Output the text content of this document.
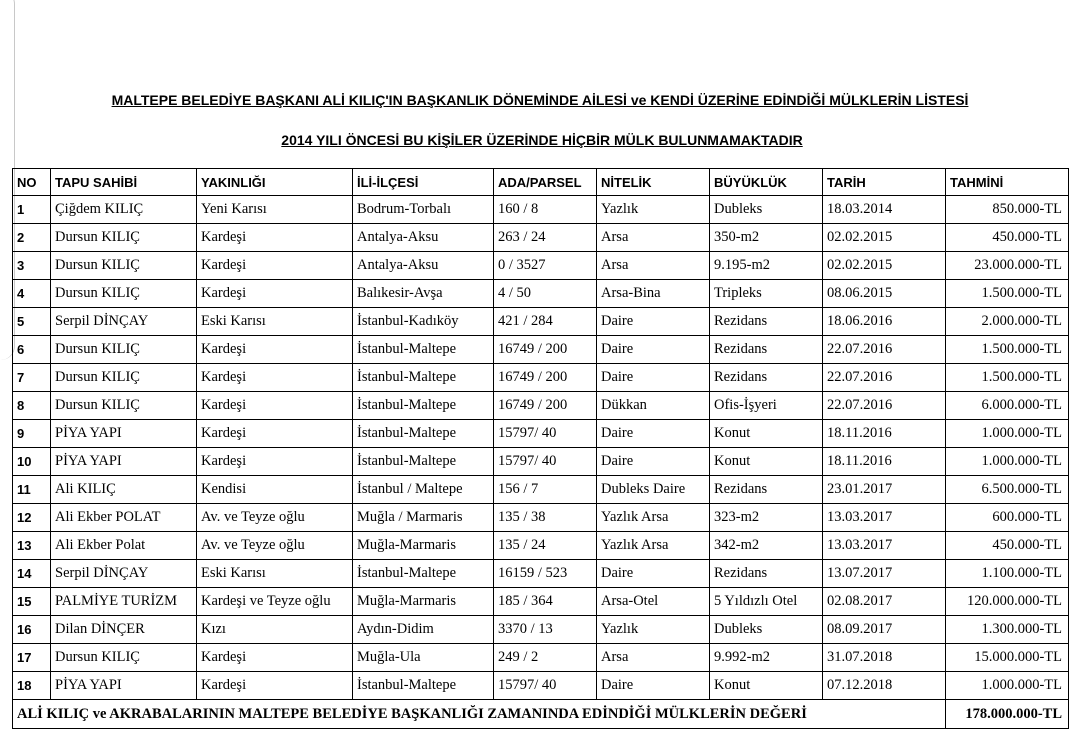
MALTEPE BELEDİYE BAŞKANI ALİ KILIÇ'IN BAŞKANLIK DÖNEMİNDE AİLESİ ve KENDİ ÜZERİNE EDİNDİĞİ MÜLKLERİN LİSTESİ
2014 YILI ÖNCESİ BU KİŞİLER ÜZERİNDE HİÇBİR MÜLK BULUNMAMAKTADIR
NO	TAPU SAHİBİ	YAKINLIĞI	İLİ-İLÇESİ	ADA/PARSEL	NİTELİK	BÜYÜKLÜK	TARİH	TAHMİNİ
1	Çiğdem KILIÇ	Yeni Karısı	Bodrum-Torbalı	160 / 8	Yazlık	Dubleks	18.03.2014	850.000-TL
2	Dursun KILIÇ	Kardeşi	Antalya-Aksu	263 / 24	Arsa	350-m2	02.02.2015	450.000-TL
3	Dursun KILIÇ	Kardeşi	Antalya-Aksu	0 / 3527	Arsa	9.195-m2	02.02.2015	23.000.000-TL
4	Dursun KILIÇ	Kardeşi	Balıkesir-Avşa	4 / 50	Arsa-Bina	Tripleks	08.06.2015	1.500.000-TL
5	Serpil DİNÇAY	Eski Karısı	İstanbul-Kadıköy	421 / 284	Daire	Rezidans	18.06.2016	2.000.000-TL
6	Dursun KILIÇ	Kardeşi	İstanbul-Maltepe	16749 / 200	Daire	Rezidans	22.07.2016	1.500.000-TL
7	Dursun KILIÇ	Kardeşi	İstanbul-Maltepe	16749 / 200	Daire	Rezidans	22.07.2016	1.500.000-TL
8	Dursun KILIÇ	Kardeşi	İstanbul-Maltepe	16749 / 200	Dükkan	Ofis-İşyeri	22.07.2016	6.000.000-TL
9	PİYA YAPI	Kardeşi	İstanbul-Maltepe	15797/ 40	Daire	Konut	18.11.2016	1.000.000-TL
10	PİYA YAPI	Kardeşi	İstanbul-Maltepe	15797/ 40	Daire	Konut	18.11.2016	1.000.000-TL
11	Ali KILIÇ	Kendisi	İstanbul / Maltepe	156 / 7	Dubleks Daire	Rezidans	23.01.2017	6.500.000-TL
12	Ali Ekber POLAT	Av. ve Teyze oğlu	Muğla / Marmaris	135 / 38	Yazlık Arsa	323-m2	13.03.2017	600.000-TL
13	Ali Ekber Polat	Av. ve Teyze oğlu	Muğla-Marmaris	135 / 24	Yazlık Arsa	342-m2	13.03.2017	450.000-TL
14	Serpil DİNÇAY	Eski Karısı	İstanbul-Maltepe	16159 / 523	Daire	Rezidans	13.07.2017	1.100.000-TL
15	PALMİYE TURİZM	Kardeşi ve Teyze oğlu	Muğla-Marmaris	185 / 364	Arsa-Otel	5 Yıldızlı Otel	02.08.2017	120.000.000-TL
16	Dilan DİNÇER	Kızı	Aydın-Didim	3370 / 13	Yazlık	Dubleks	08.09.2017	1.300.000-TL
17	Dursun KILIÇ	Kardeşi	Muğla-Ula	249 / 2	Arsa	9.992-m2	31.07.2018	15.000.000-TL
18	PİYA YAPI	Kardeşi	İstanbul-Maltepe	15797/ 40	Daire	Konut	07.12.2018	1.000.000-TL
ALİ KILIÇ ve AKRABALARININ MALTEPE BELEDİYE BAŞKANLIĞI ZAMANINDA EDİNDİĞİ MÜLKLERİN DEĞERİ								178.000.000-TL
